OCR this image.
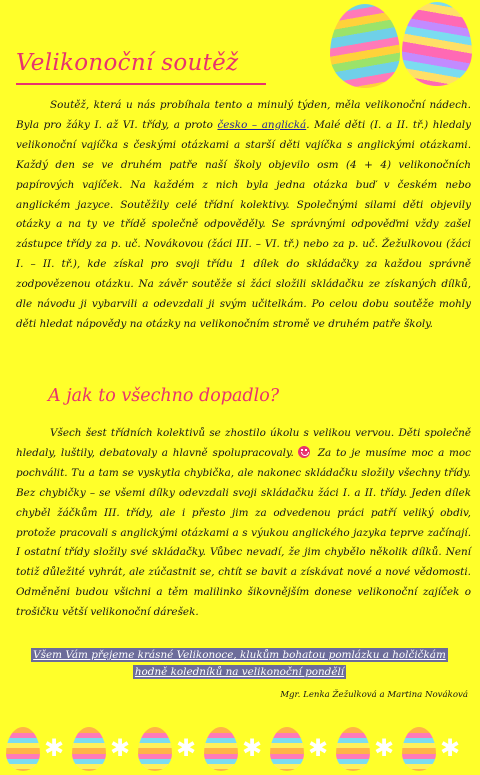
Velikonoční soutěž

Soutěž, která u nás probíhala tento a minulý týden, měla velikonoční nádech. Byla pro žáky I. až VI. třídy, a proto česko – anglická. Malé děti (I. a II. tř.) hledaly velikonoční vajíčka s českými otázkami a starší děti vajíčka s anglickými otázkami. Každý den se ve druhém patře naší školy objevilo osm (4 + 4) velikonočních papírových vajíček. Na každém z nich byla jedna otázka buď v českém nebo anglickém jazyce. Soutěžily celé třídní kolektivy. Společnými silami děti objevily otázky a na ty ve třídě společně odpověděly. Se správnými odpověďmi vždy zašel zástupce třídy za p. uč. Novákovou (žáci III. – VI. tř.) nebo za p. uč. Žežulkovou (žáci I. – II. tř.), kde získal pro svoji třídu 1 dílek do skládačky za každou správně zodpovězenou otázku. Na závěr soutěže si žáci složili skládačku ze získaných dílků, dle návodu ji vybarvili a odevzdali ji svým učitelkám. Po celou dobu soutěže mohly děti hledat nápovědy na otázky na velikonočním stromě ve druhém patře školy.

A jak to všechno dopadlo?

Všech šest třídních kolektivů se zhostilo úkolu s velikou vervou. Děti společně hledaly, luštily, debatovaly a hlavně spolupracovaly. Za to je musíme moc a moc pochválit. Tu a tam se vyskytla chybička, ale nakonec skládačku složily všechny třídy. Bez chybičky – se všemi dílky odevzdali svoji skládačku žáci I. a II. třídy. Jeden dílek chyběl žáčkům III. třídy, ale i přesto jim za odvedenou práci patří veliký obdiv, protože pracovali s anglickými otázkami a s výukou anglického jazyka teprve začínají. I ostatní třídy složily své skládačky. Vůbec nevadí, že jim chybělo několik dílků. Není totiž důležité vyhrát, ale zúčastnit se, chtít se bavit a získávat nové a nové vědomosti. Odměněni budou všichni a těm malilinko šikovnějším donese velikonoční zajíček o trošičku větší velikonoční dárešek.

Všem Vám přejeme krásné Velikonoce, klukům bohatou pomlázku a holčičkám
hodně koledníků na velikonoční pondělí
Mgr. Lenka Žežulková a Martina Nováková
✱ ✱ ✱ ✱ ✱ ✱ ✱
